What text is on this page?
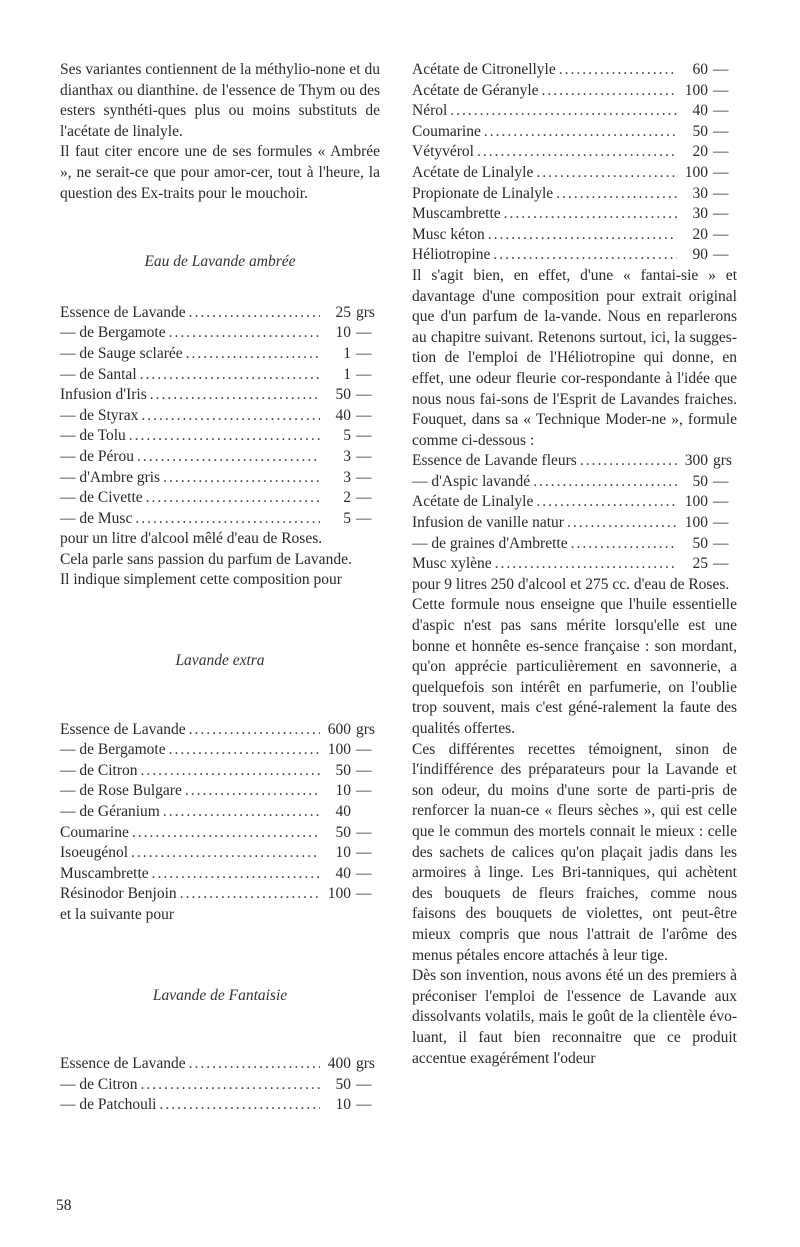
Ses variantes contiennent de la méthylio-none et du dianthax ou dianthine. de l'essence de Thym ou des esters synthéti-ques plus ou moins substituts de l'acétate de linalyle.

Il faut citer encore une de ses formules « Ambrée », ne serait-ce que pour amor-cer, tout à l'heure, la question des Ex-traits pour le mouchoir.

Eau de Lavande ambrée

Essence de Lavande .....	25 grs
— de Bergamote .....	10 —
— de Sauge sclarée .....	1 —
— de Santal .....	1 —
Infusion d'Iris .....	50 —
— de Styrax .....	40 —
— de Tolu .....	5 —
— de Pérou .....	3 —
— d'Ambre gris .....	3 —
— de Civette .....	2 —
— de Musc .....	5 —

pour un litre d'alcool mêlé d'eau de Roses.

Cela parle sans passion du parfum de Lavande.

Il indique simplement cette composition pour

Lavande extra

Essence de Lavande .....	600 grs
— de Bergamote .....	100 —
— de Citron .....	50 —
— de Rose Bulgare .....	10 —
— de Géranium .....	40
Coumarine .....	50 —
Isoeugénol .....	10 —
Muscambrette .....	40 —
Résinodor Benjoin .....	100 —

et la suivante pour

Lavande de Fantaisie

Essence de Lavande .....	400 grs
— de Citron .....	50 —
— de Patchouli .....	10 —
Acétate de Citronellyle .....	60 —
Acétate de Géranyle .....	100 —
Nérol .....	40 —
Coumarine .....	50 —
Vétyvérol .....	20 —
Acétate de Linalyle .....	100 —
Propionate de Linalyle .....	30 —
Muscambrette .....	30 —
Musc kéton .....	20 —
Héliotropine .....	90 —

Il s'agit bien, en effet, d'une « fantai-sie » et davantage d'une composition pour extrait original que d'un parfum de la-vande. Nous en reparlerons au chapitre suivant. Retenons surtout, ici, la sugges-tion de l'emploi de l'Héliotropine qui donne, en effet, une odeur fleurie cor-respondante à l'idée que nous nous fai-sons de l'Esprit de Lavandes fraiches. Fouquet, dans sa « Technique Moder-ne », formule comme ci-dessous :

Essence de Lavande fleurs .....	300 grs
— d'Aspic lavandé .....	50 —
Acétate de Linalyle .....	100 —
Infusion de vanille natur .....	100 —
— de graines d'Ambrette .....	50 —
Musc xylène .....	25 —

pour 9 litres 250 d'alcool et 275 cc. d'eau de Roses.

Cette formule nous enseigne que l'huile essentielle d'aspic n'est pas sans mérite lorsqu'elle est une bonne et honnête es-sence française : son mordant, qu'on apprécie particulièrement en savonnerie, a quelquefois son intérêt en parfumerie, on l'oublie trop souvent, mais c'est géné-ralement la faute des qualités offertes.

Ces différentes recettes témoignent, sinon de l'indifférence des préparateurs pour la Lavande et son odeur, du moins d'une sorte de parti-pris de renforcer la nuan-ce « fleurs sèches », qui est celle que le commun des mortels connait le mieux : celle des sachets de calices qu'on plaçait jadis dans les armoires à linge. Les Bri-tanniques, qui achètent des bouquets de fleurs fraiches, comme nous faisons des bouquets de violettes, ont peut-être mieux compris que nous l'attrait de l'arôme des menus pétales encore attachés à leur tige.

Dès son invention, nous avons été un des premiers à préconiser l'emploi de l'essence de Lavande aux dissolvants volatils, mais le goût de la clientèle évo-luant, il faut bien reconnaitre que ce produit accentue exagérément l'odeur

58
